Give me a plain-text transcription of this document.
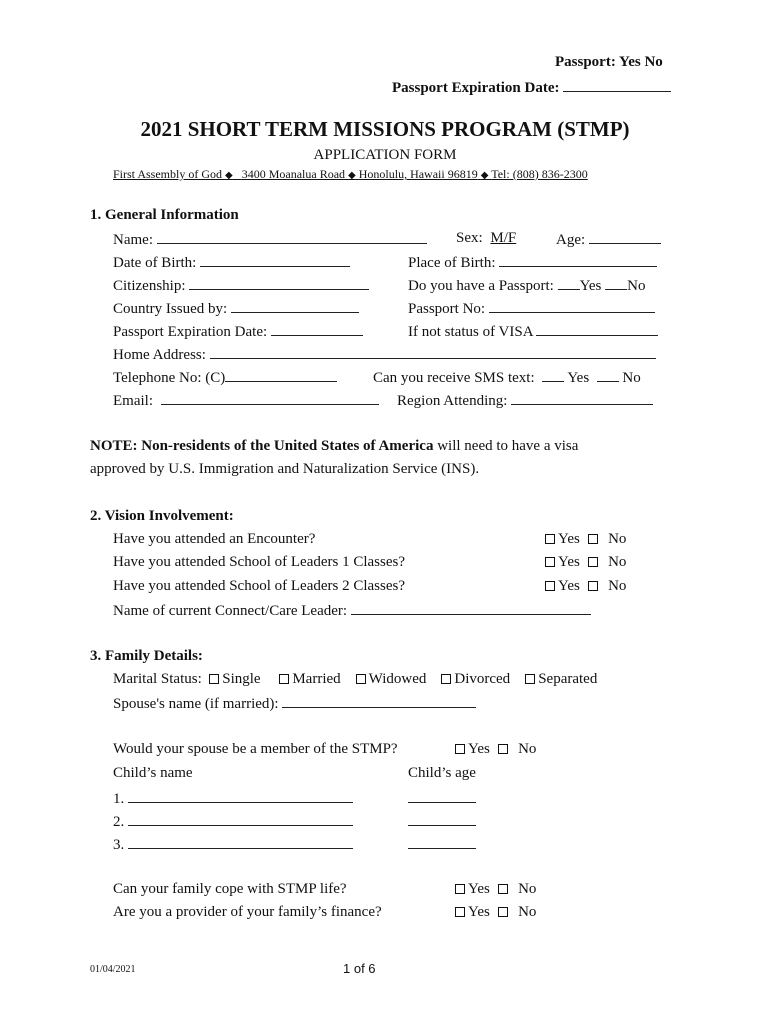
Passport: Yes No
Passport Expiration Date:
2021 SHORT TERM MISSIONS PROGRAM (STMP)
APPLICATION FORM
First Assembly of God ◆ 3400 Moanalua Road ◆ Honolulu, Hawaii 96819 ◆ Tel: (808) 836-2300
1. General Information
Name:	Sex: M/F	Age:
Date of Birth:	Place of Birth:
Citizenship:	Do you have a Passport: Yes No
Country Issued by:	Passport No:
Passport Expiration Date:	If not status of VISA
Home Address:
Telephone No: (C)	Can you receive SMS text: Yes No
Email:	Region Attending:
NOTE: Non-residents of the United States of America will need to have a visa
approved by U.S. Immigration and Naturalization Service (INS).
2. Vision Involvement:
Have you attended an Encounter?	Yes No
Have you attended School of Leaders 1 Classes?	Yes No
Have you attended School of Leaders 2 Classes?	Yes No
Name of current Connect/Care Leader:
3. Family Details:
Marital Status: Single Married Widowed Divorced Separated
Spouse's name (if married):
Would your spouse be a member of the STMP?	Yes No
Child’s name	Child’s age
1.
2.
3.
Can your family cope with STMP life?	Yes No
Are you a provider of your family’s finance?	Yes No
01/04/2021	1 of 6
